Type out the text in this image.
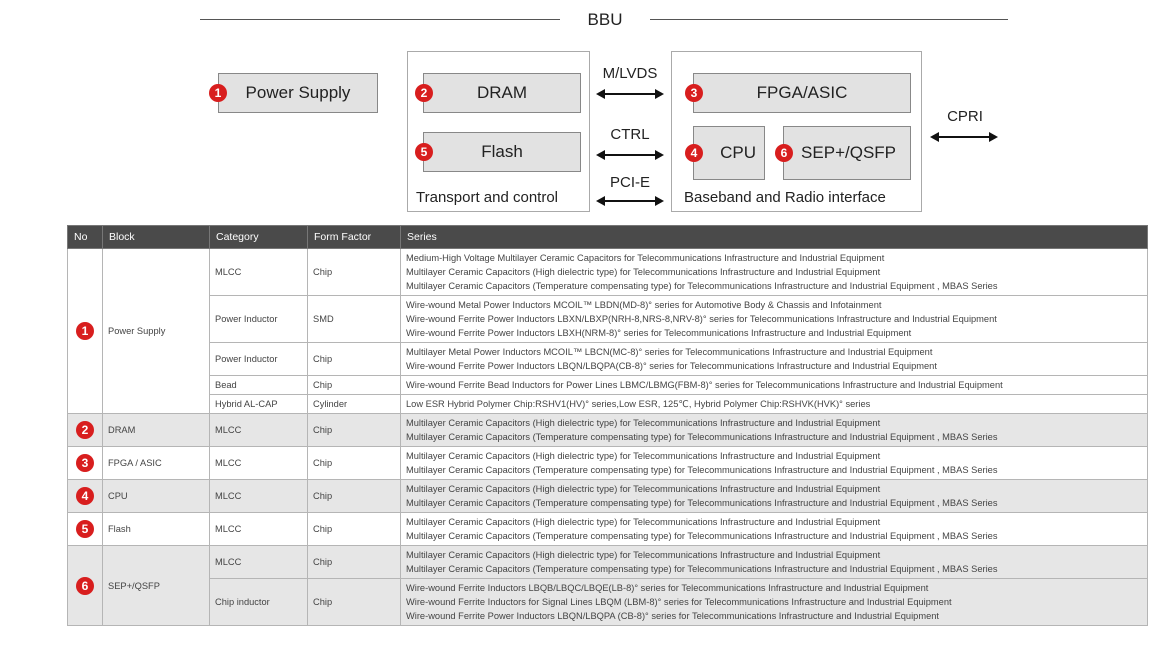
BBU
1	Power Supply	2	DRAM
5	Flash
Transport and control
3	FPGA/ASIC
4	CPU	6 SEP+/QSFP
Baseband and Radio interface
M/LVDS
CTRL
PCI-E
CPRI
No	Block	Category	Form Factor	Series
1	Power Supply	MLCC	Chip	Medium-High Voltage Multilayer Ceramic Capacitors for Telecommunications Infrastructure and Industrial Equipment
Multilayer Ceramic Capacitors (High dielectric type) for Telecommunications Infrastructure and Industrial Equipment
Multilayer Ceramic Capacitors (Temperature compensating type) for Telecommunications Infrastructure and Industrial Equipment , MBAS Series

		Power Inductor	SMD	Wire-wound Metal Power Inductors MCOIL™ LBDN(MD-8)° series for Automotive Body & Chassis and Infotainment
Wire-wound Ferrite Power Inductors LBXN/LBXP(NRH-8,NRS-8,NRV-8)° series for Telecommunications Infrastructure and Industrial Equipment
Wire-wound Ferrite Power Inductors LBXH(NRM-8)° series for Telecommunications Infrastructure and Industrial Equipment

		Power Inductor	Chip	Multilayer Metal Power Inductors MCOIL™ LBCN(MC-8)° series for Telecommunications Infrastructure and Industrial Equipment
Wire-wound Ferrite Power Inductors LBQN/LBQPA(CB-8)° series for Telecommunications Infrastructure and Industrial Equipment

		Bead	Chip	Wire-wound Ferrite Bead Inductors for Power Lines LBMC/LBMG(FBM-8)° series for Telecommunications Infrastructure and Industrial Equipment

		Hybrid AL-CAP	Cylinder	Low ESR Hybrid Polymer Chip:RSHV1(HV)° series,Low ESR, 125℃, Hybrid Polymer Chip:RSHVK(HVK)° series

2	DRAM	MLCC	Chip	Multilayer Ceramic Capacitors (High dielectric type) for Telecommunications Infrastructure and Industrial Equipment
Multilayer Ceramic Capacitors (Temperature compensating type) for Telecommunications Infrastructure and Industrial Equipment , MBAS Series

3	FPGA / ASIC	MLCC	Chip	Multilayer Ceramic Capacitors (High dielectric type) for Telecommunications Infrastructure and Industrial Equipment
Multilayer Ceramic Capacitors (Temperature compensating type) for Telecommunications Infrastructure and Industrial Equipment , MBAS Series

4	CPU	MLCC	Chip	Multilayer Ceramic Capacitors (High dielectric type) for Telecommunications Infrastructure and Industrial Equipment
Multilayer Ceramic Capacitors (Temperature compensating type) for Telecommunications Infrastructure and Industrial Equipment , MBAS Series

5	Flash	MLCC	Chip	Multilayer Ceramic Capacitors (High dielectric type) for Telecommunications Infrastructure and Industrial Equipment
Multilayer Ceramic Capacitors (Temperature compensating type) for Telecommunications Infrastructure and Industrial Equipment , MBAS Series

6	SEP+/QSFP	MLCC	Chip	Multilayer Ceramic Capacitors (High dielectric type) for Telecommunications Infrastructure and Industrial Equipment
Multilayer Ceramic Capacitors (Temperature compensating type) for Telecommunications Infrastructure and Industrial Equipment , MBAS Series

		Chip inductor	Chip	Wire-wound Ferrite Inductors LBQB/LBQC/LBQE(LB-8)° series for Telecommunications Infrastructure and Industrial Equipment
Wire-wound Ferrite Inductors for Signal Lines LBQM (LBM-8)° series for Telecommunications Infrastructure and Industrial Equipment
Wire-wound Ferrite Power Inductors LBQN/LBQPA (CB-8)° series for Telecommunications Infrastructure and Industrial Equipment
